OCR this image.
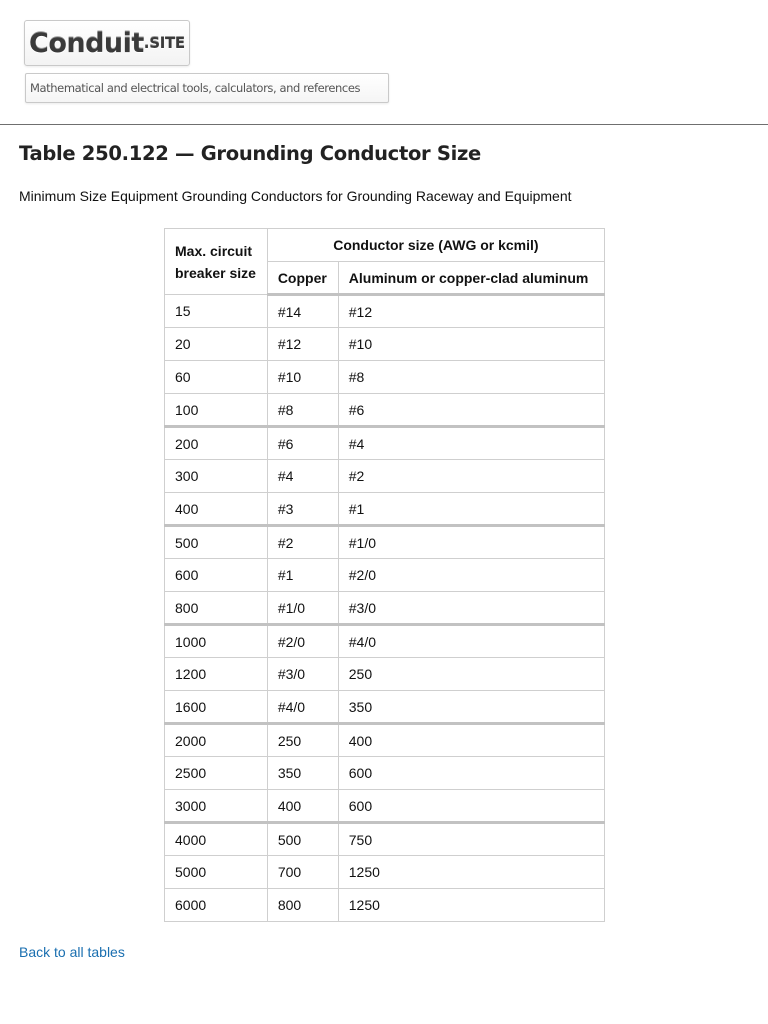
Conduit .SITE
Mathematical and electrical tools, calculators, and references
Table 250.122 — Grounding Conductor Size

Minimum Size Equipment Grounding Conductors for Grounding Raceway and Equipment

Max. circuit breaker size	Conductor size (AWG or kcmil)	
	Copper	Aluminum or copper-clad aluminum
15	#14	#12
20	#12	#10
60	#10	#8
100	#8	#6
200	#6	#4
300	#4	#2
400	#3	#1
500	#2	#1/0
600	#1	#2/0
800	#1/0	#3/0
1000	#2/0	#4/0
1200	#3/0	250
1600	#4/0	350
2000	250	400
2500	350	600
3000	400	600
4000	500	750
5000	700	1250
6000	800	1250
Back to all tables
